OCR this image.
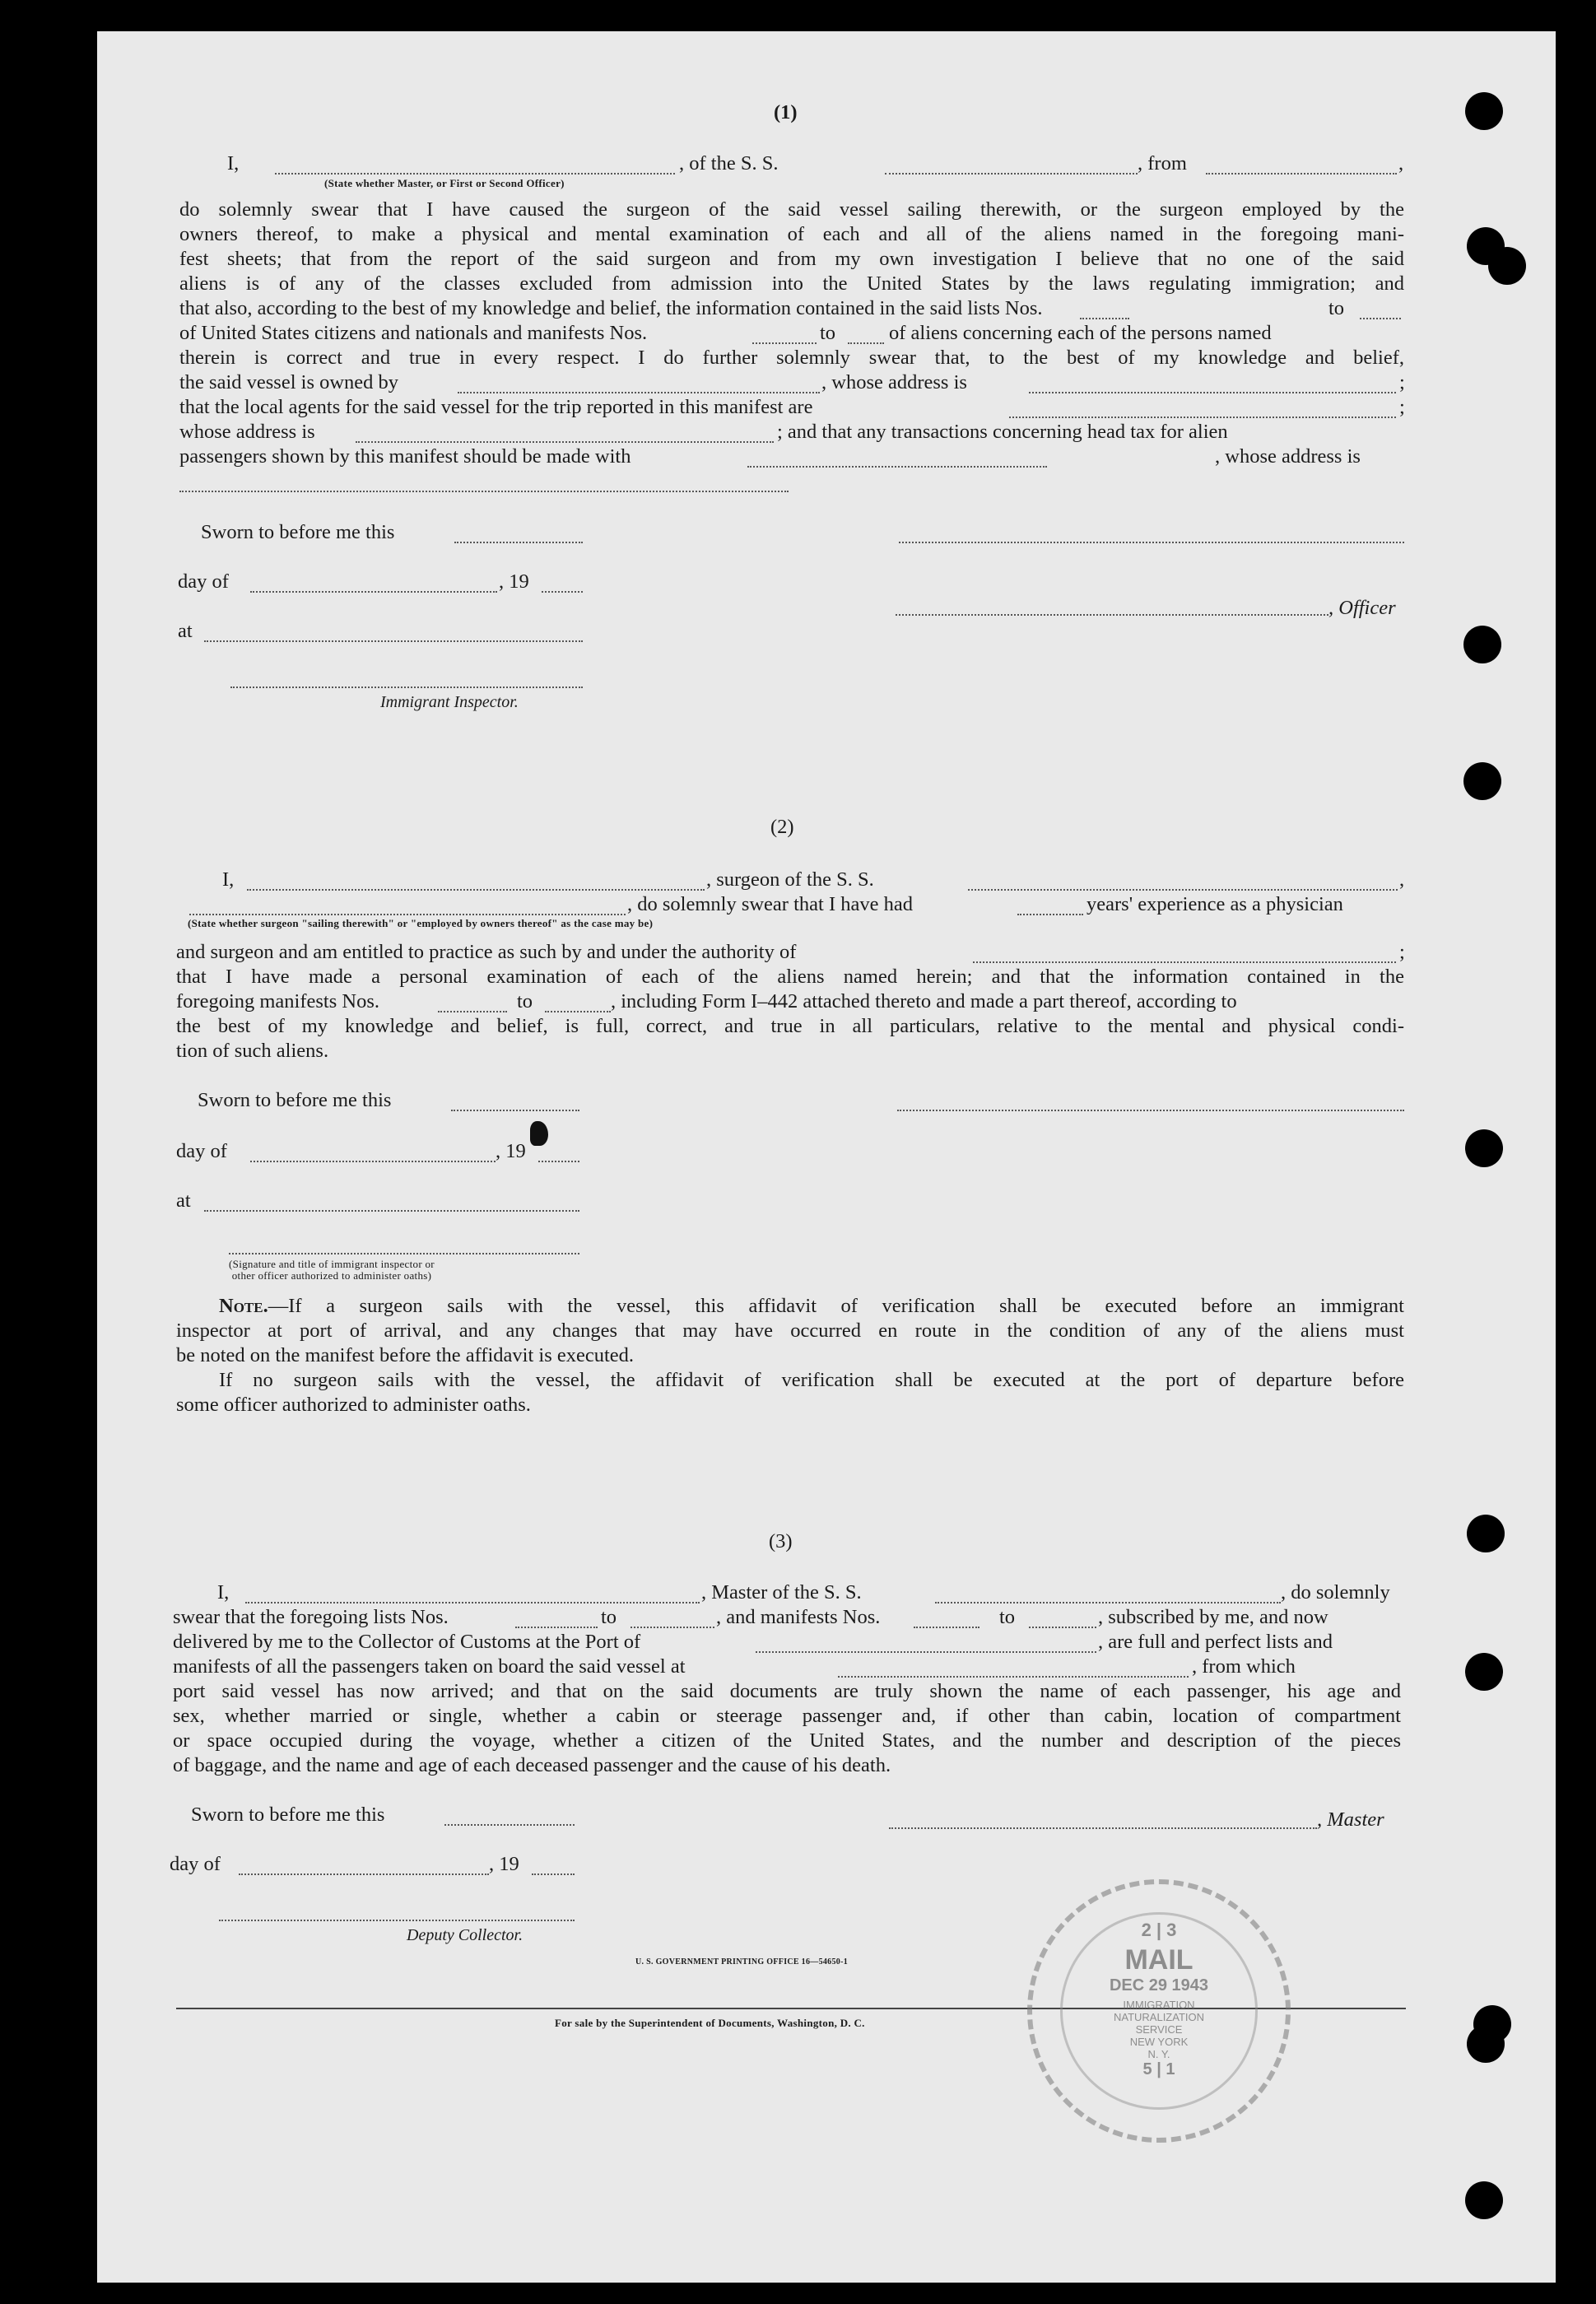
(1)
I,	, of the S. S.	, from	,
(State whether Master, or First or Second Officer)
do solemnly swear that I have caused the surgeon of the said vessel sailing therewith, or the surgeon employed by the
owners thereof, to make a physical and mental examination of each and all of the aliens named in the foregoing mani-
fest sheets; that from the report of the said surgeon and from my own investigation I believe that no one of the said
aliens is of any of the classes excluded from admission into the United States by the laws regulating immigration; and
that also, according to the best of my knowledge and belief, the information contained in the said lists Nos.	to
of United States citizens and nationals and manifests Nos.	to	of aliens concerning each of the persons named
therein is correct and true in every respect. I do further solemnly swear that, to the best of my knowledge and belief,
the said vessel is owned by	, whose address is	;
that the local agents for the said vessel for the trip reported in this manifest are	;
whose address is	; and that any transactions concerning head tax for alien
passengers shown by this manifest should be made with	, whose address is
Sworn to before me this
day of	, 19
, Officer
at
Immigrant Inspector.
(2)
I,	, surgeon of the S. S.	,
, do solemnly swear that I have had	years' experience as a physician
(State whether surgeon "sailing therewith" or "employed by owners thereof" as the case may be)
and surgeon and am entitled to practice as such by and under the authority of	;
that I have made a personal examination of each of the aliens named herein; and that the information contained in the
foregoing manifests Nos.	to	, including Form I–442 attached thereto and made a part thereof, according to
the best of my knowledge and belief, is full, correct, and true in all particulars, relative to the mental and physical condi-
tion of such aliens.
Sworn to before me this
day of	, 19
at
(Signature and title of immigrant inspector or
other officer authorized to administer oaths)
Note.—If a surgeon sails with the vessel, this affidavit of verification shall be executed before an immigrant
inspector at port of arrival, and any changes that may have occurred en route in the condition of any of the aliens must
be noted on the manifest before the affidavit is executed.
If no surgeon sails with the vessel, the affidavit of verification shall be executed at the port of departure before
some officer authorized to administer oaths.
(3)
I,	, Master of the S. S.	, do solemnly
swear that the foregoing lists Nos.	to	, and manifests Nos.	to	, subscribed by me, and now
delivered by me to the Collector of Customs at the Port of	, are full and perfect lists and
manifests of all the passengers taken on board the said vessel at	, from which
port said vessel has now arrived; and that on the said documents are truly shown the name of each passenger, his age and
sex, whether married or single, whether a cabin or steerage passenger and, if other than cabin, location of compartment
or space occupied during the voyage, whether a citizen of the United States, and the number and description of the pieces
of baggage, and the name and age of each deceased passenger and the cause of his death.
Sworn to before me this	, Master
day of	, 19
Deputy Collector.
U. S. GOVERNMENT PRINTING OFFICE 16—54650-1
For sale by the Superintendent of Documents, Washington, D. C.
2 | 3
MAIL
DEC 29 1943
IMMIGRATION
NATURALIZATION
SERVICE
NEW YORK
N. Y.
5 | 1
